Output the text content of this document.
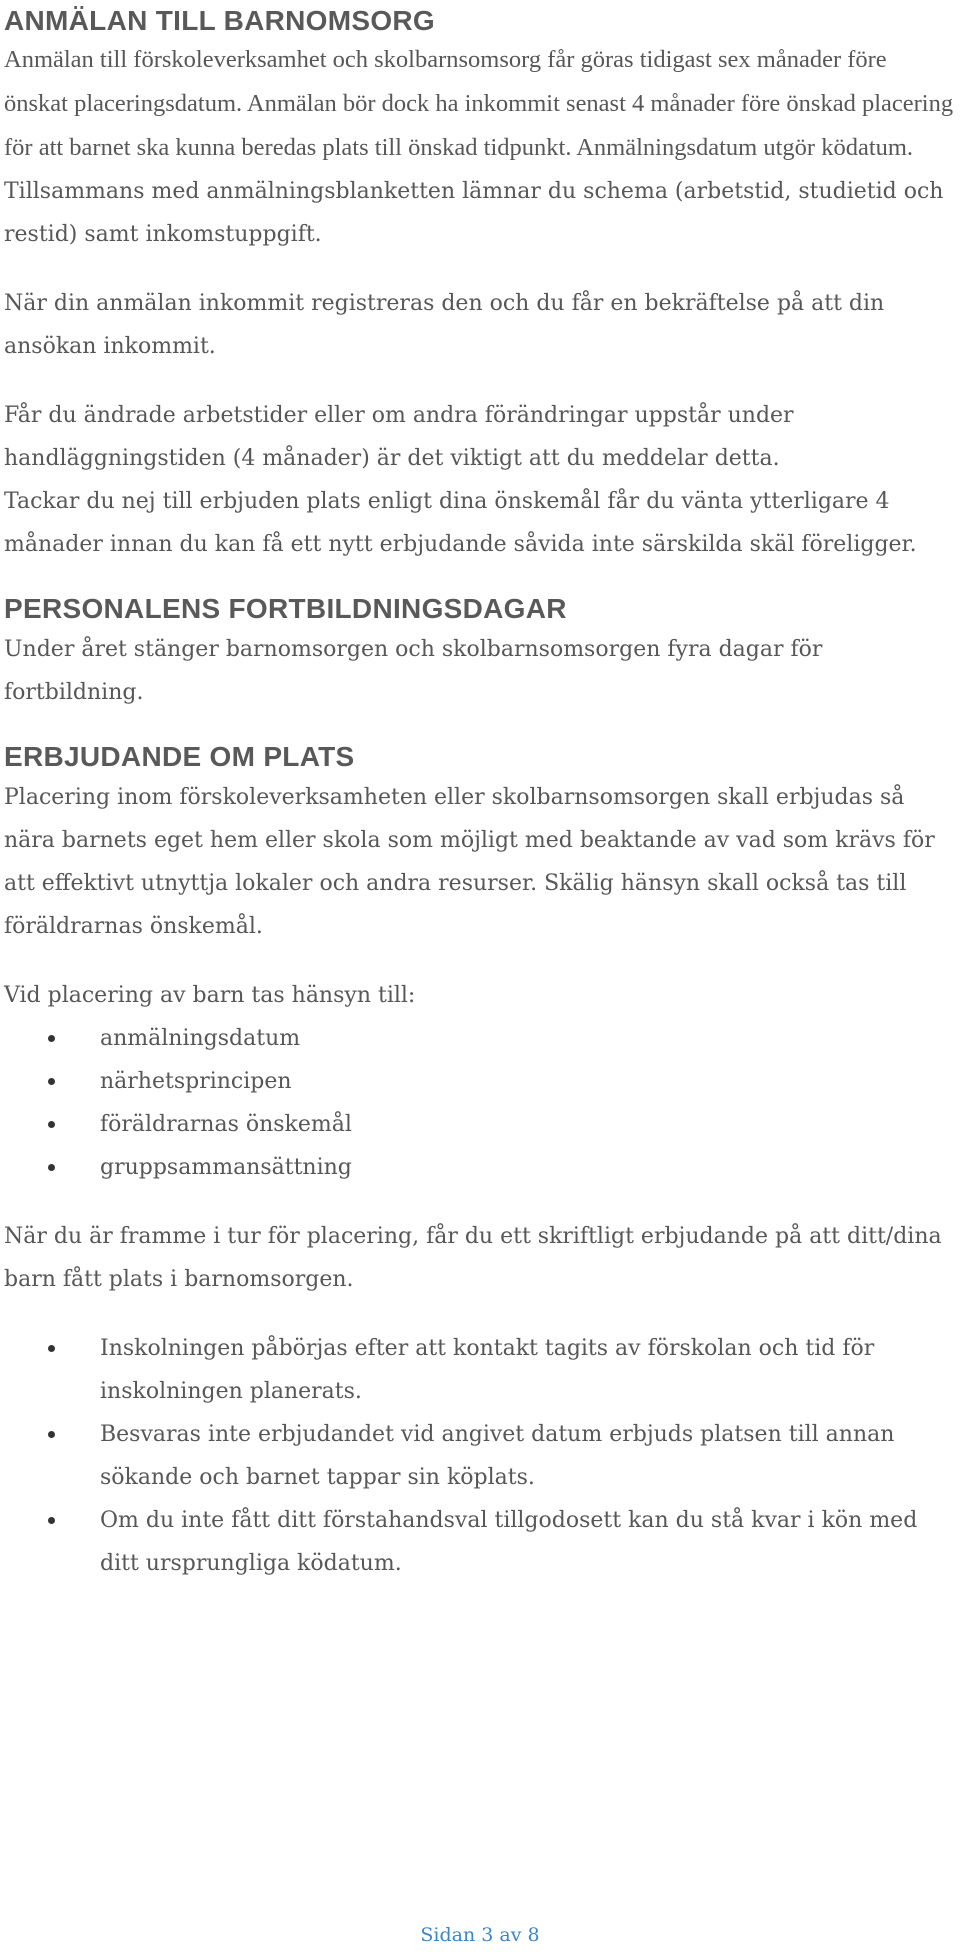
ANMÄLAN TILL BARNOMSORG

Anmälan till förskoleverksamhet och skolbarnsomsorg får göras tidigast sex månader före önskat placeringsdatum. Anmälan bör dock ha inkommit senast 4 månader före önskad placering för att barnet ska kunna beredas plats till önskad tidpunkt. Anmälningsdatum utgör ködatum. Tillsammans med anmälningsblanketten lämnar du schema (arbetstid, studietid och restid) samt inkomstuppgift.

När din anmälan inkommit registreras den och du får en bekräftelse på att din ansökan inkommit.

Får du ändrade arbetstider eller om andra förändringar uppstår under handläggningstiden (4 månader) är det viktigt att du meddelar detta.

Tackar du nej till erbjuden plats enligt dina önskemål får du vänta ytterligare 4 månader innan du kan få ett nytt erbjudande såvida inte särskilda skäl föreligger.

PERSONALENS FORTBILDNINGSDAGAR

Under året stänger barnomsorgen och skolbarnsomsorgen fyra dagar för fortbildning.

ERBJUDANDE OM PLATS

Placering inom förskoleverksamheten eller skolbarnsomsorgen skall erbjudas så nära barnets eget hem eller skola som möjligt med beaktande av vad som krävs för att effektivt utnyttja lokaler och andra resurser. Skälig hänsyn skall också tas till föräldrarnas önskemål.

Vid placering av barn tas hänsyn till:

anmälningsdatum
närhetsprincipen
föräldrarnas önskemål
gruppsammansättning

När du är framme i tur för placering, får du ett skriftligt erbjudande på att ditt/dina barn fått plats i barnomsorgen.

Inskolningen påbörjas efter att kontakt tagits av förskolan och tid för inskolningen planerats.
Besvaras inte erbjudandet vid angivet datum erbjuds platsen till annan sökande och barnet tappar sin köplats.
Om du inte fått ditt förstahandsval tillgodosett kan du stå kvar i kön med ditt ursprungliga ködatum.
Sidan 3 av 8
